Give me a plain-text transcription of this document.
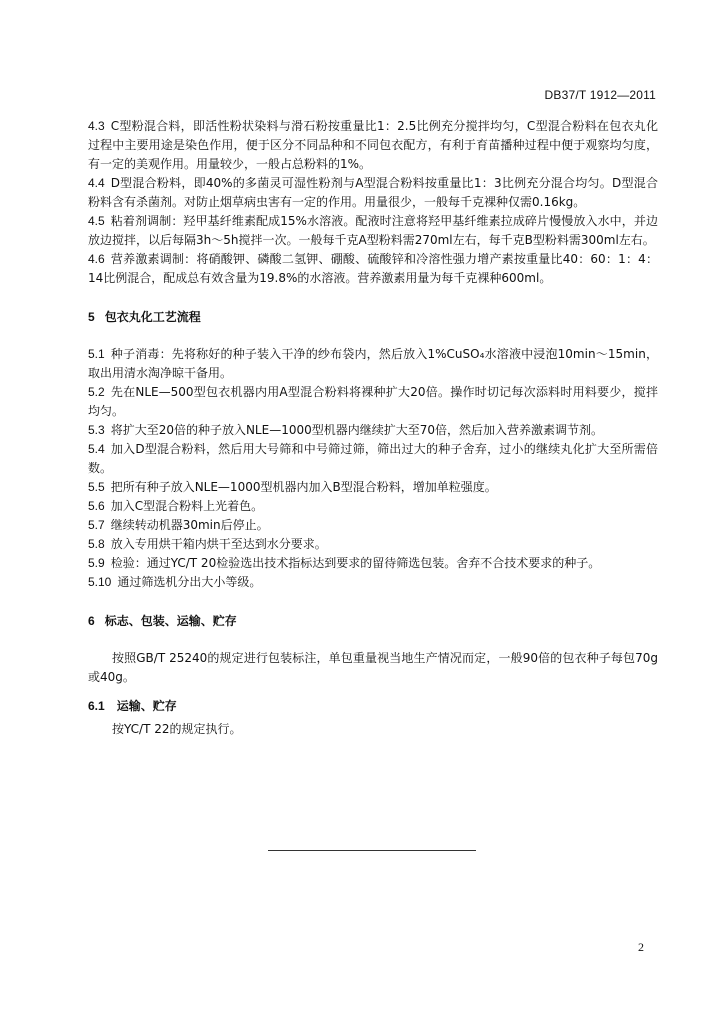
DB37/T 1912—2011

4.3 C型粉混合料，即活性粉状染料与滑石粉按重量比1：2.5比例充分搅拌均匀，C型混合粉料在包衣丸化过程中主要用途是染色作用，便于区分不同品种和不同包衣配方，有利于育苗播种过程中便于观察均匀度，有一定的美观作用。用量较少，一般占总粉料的1%。

4.4 D型混合粉料，即40%的多菌灵可湿性粉剂与A型混合粉料按重量比1：3比例充分混合均匀。D型混合粉料含有杀菌剂。对防止烟草病虫害有一定的作用。用量很少，一般每千克裸种仅需0.16kg。

4.5 粘着剂调制：羟甲基纤维素配成15%水溶液。配液时注意将羟甲基纤维素拉成碎片慢慢放入水中，并边放边搅拌，以后每隔3h～5h搅拌一次。一般每千克A型粉料需270ml左右，每千克B型粉料需300ml左右。

4.6 营养激素调制：将硝酸钾、磷酸二氢钾、硼酸、硫酸锌和冷溶性强力增产素按重量比40：60：1：4：14比例混合，配成总有效含量为19.8%的水溶液。营养激素用量为每千克裸种600ml。

5 包衣丸化工艺流程

5.1 种子消毒：先将称好的种子装入干净的纱布袋内，然后放入1%CuSO₄水溶液中浸泡10min～15min，取出用清水淘净晾干备用。

5.2 先在NLE—500型包衣机器内用A型混合粉料将裸种扩大20倍。操作时切记每次添料时用料要少，搅拌均匀。

5.3 将扩大至20倍的种子放入NLE—1000型机器内继续扩大至70倍，然后加入营养激素调节剂。

5.4 加入D型混合粉料，然后用大号筛和中号筛过筛，筛出过大的种子舍弃，过小的继续丸化扩大至所需倍数。

5.5 把所有种子放入NLE—1000型机器内加入B型混合粉料，增加单粒强度。

5.6 加入C型混合粉料上光着色。

5.7 继续转动机器30min后停止。

5.8 放入专用烘干箱内烘干至达到水分要求。

5.9 检验：通过YC/T 20检验选出技术指标达到要求的留待筛选包装。舍弃不合技术要求的种子。

5.10 通过筛选机分出大小等级。

6 标志、包装、运输、贮存

按照GB/T 25240的规定进行包装标注，单包重量视当地生产情况而定，一般90倍的包衣种子每包70g或40g。

6.1 运输、贮存

按YC/T 22的规定执行。

2
